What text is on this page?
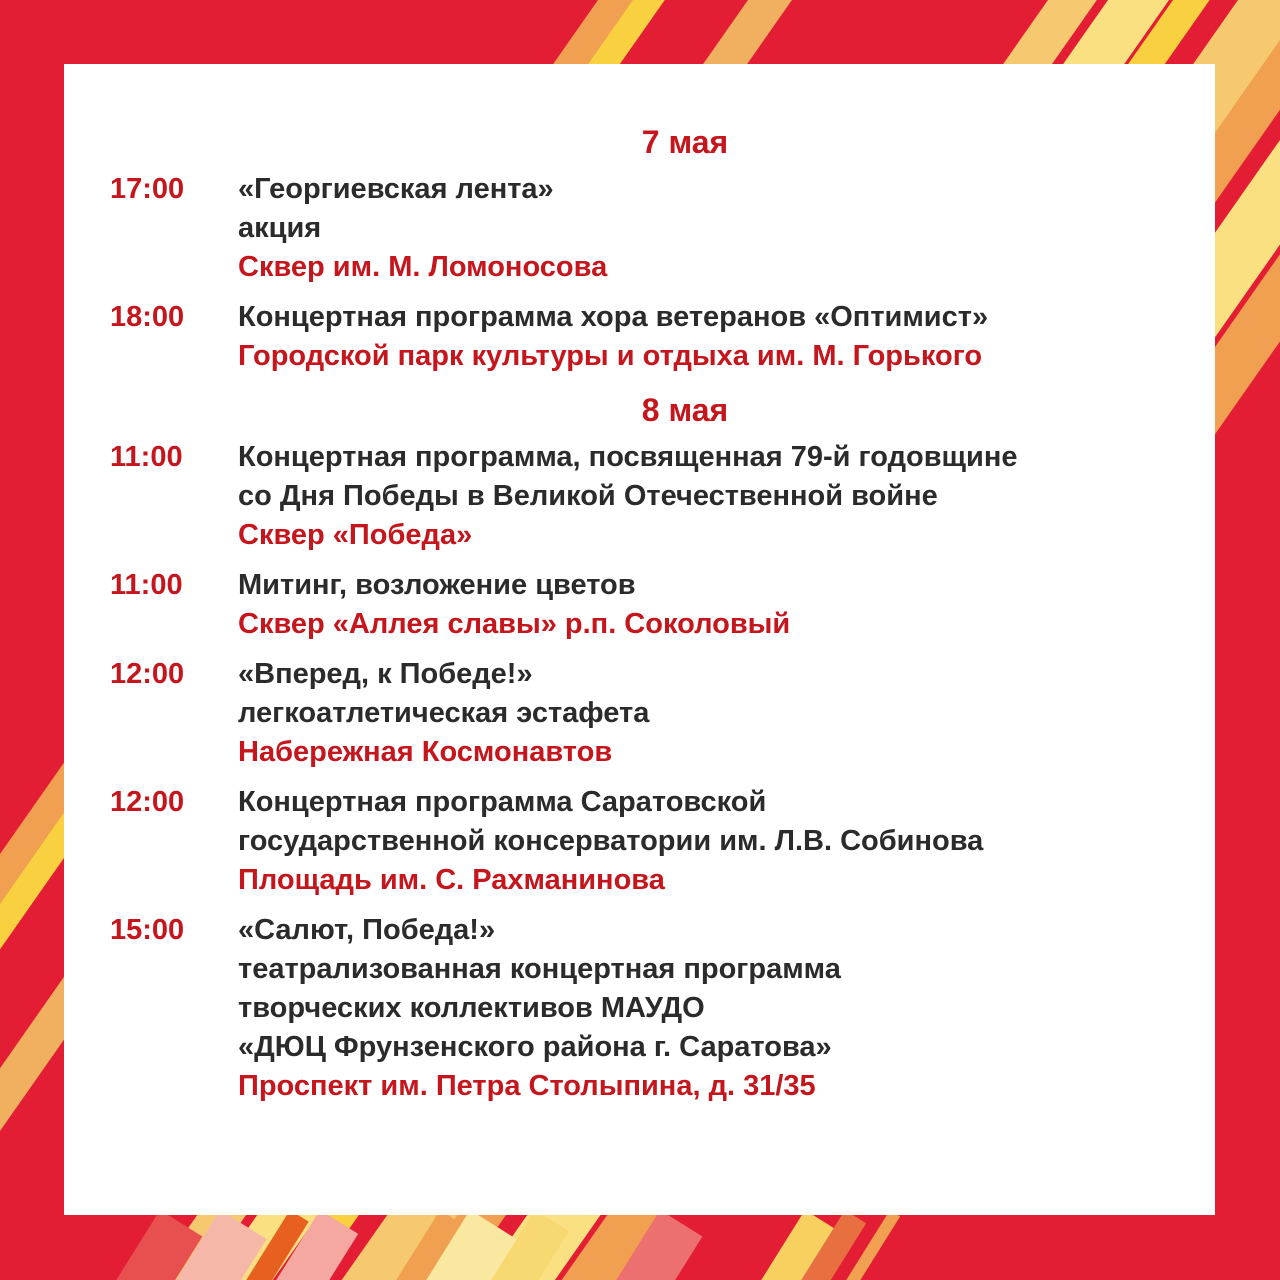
7 мая
17:00	«Георгиевская лента»
акция
Сквер им. М. Ломоносова
18:00	Концертная программа хора ветеранов «Оптимист»
Городской парк культуры и отдыха им. М. Горького
8 мая
11:00	Концертная программа, посвященная 79-й годовщине
со Дня Победы в Великой Отечественной войне
Сквер «Победа»
11:00	Митинг, возложение цветов
Сквер «Аллея славы» р.п. Соколовый
12:00	«Вперед, к Победе!»
легкоатлетическая эстафета
Набережная Космонавтов
12:00	Концертная программа Саратовской
государственной консерватории им. Л.В. Собинова
Площадь им. С. Рахманинова
15:00	«Салют, Победа!»
театрализованная концертная программа
творческих коллективов МАУДО
«ДЮЦ Фрунзенского района г. Саратова»
Проспект им. Петра Столыпина, д. 31/35
